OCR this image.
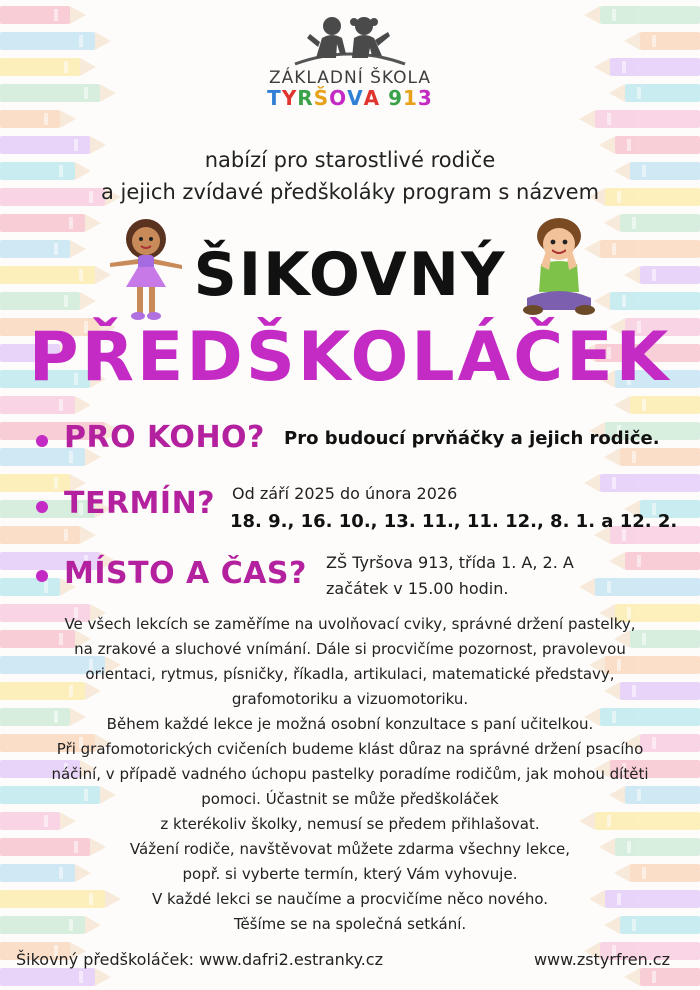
ZÁKLADNÍ ŠKOLA
TYRŠOVA 913
nabízí pro starostlivé rodiče
a jejich zvídavé předškoláky program s názvem
ŠIKOVNÝ
PŘEDŠKOLÁČEK
PRO KOHO? Pro budoucí prvňáčky a jejich rodiče.
TERMÍN? Od září 2025 do února 2026
18. 9., 16. 10., 13. 11., 11. 12., 8. 1. a 12. 2.
MÍSTO A ČAS? ZŠ Tyršova 913, třída 1. A, 2. A
začátek v 15.00 hodin.
Ve všech lekcích se zaměříme na uvolňovací cviky, správné držení pastelky,
na zrakové a sluchové vnímání. Dále si procvičíme pozornost, pravolevou
orientaci, rytmus, písničky, říkadla, artikulaci, matematické představy,
grafomotoriku a vizuomotoriku.
Během každé lekce je možná osobní konzultace s paní učitelkou.
Při grafomotorických cvičeních budeme klást důraz na správné držení psacího
náčiní, v případě vadného úchopu pastelky poradíme rodičům, jak mohou dítěti
pomoci. Účastnit se může předškoláček
z kterékoliv školky, nemusí se předem přihlašovat.
Vážení rodiče, navštěvovat můžete zdarma všechny lekce,
popř. si vyberte termín, který Vám vyhovuje.
V každé lekci se naučíme a procvičíme něco nového.
Těšíme se na společná setkání.
Šikovný předškoláček: www.dafri2.estranky.cz	www.zstyrfren.cz
